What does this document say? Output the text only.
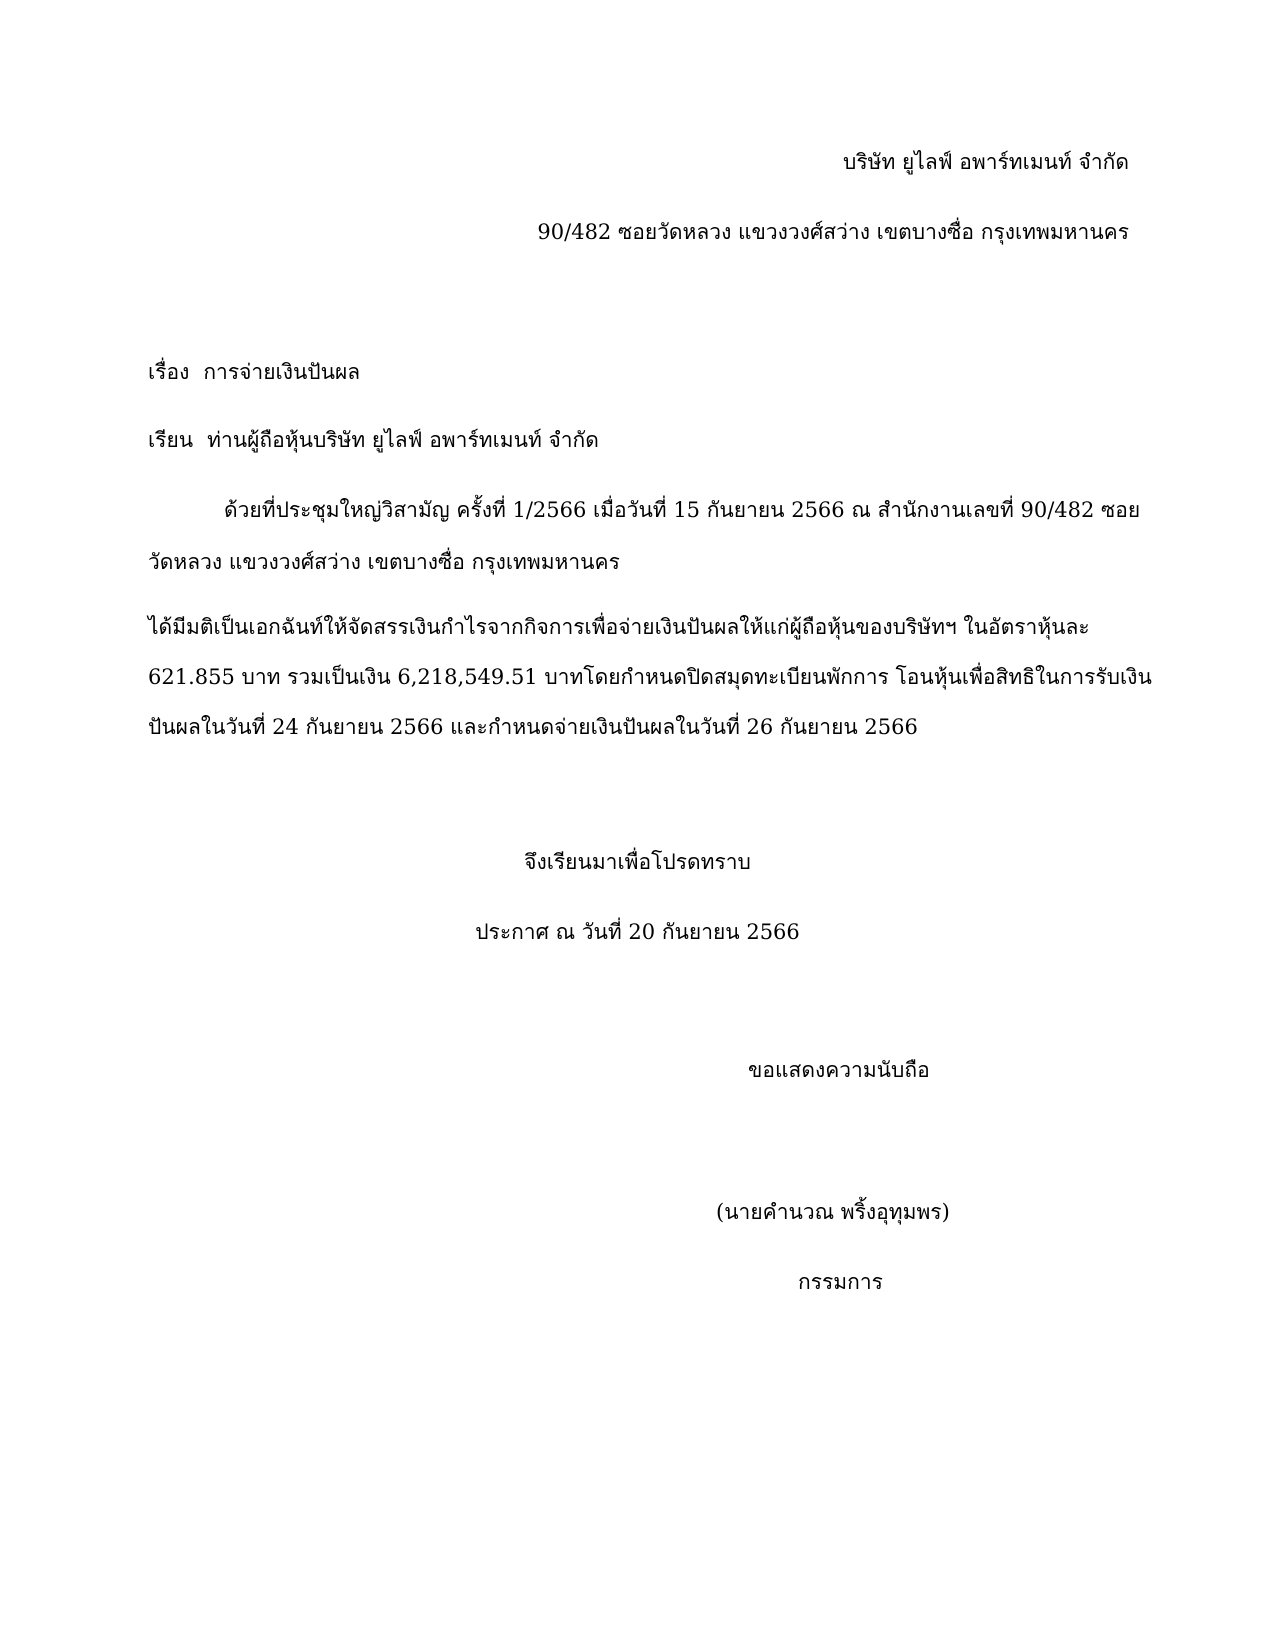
บริษัท ยูไลฟ์ อพาร์ทเมนท์ จำกัด
90/482 ซอยวัดหลวง แขวงวงศ์สว่าง เขตบางซื่อ กรุงเทพมหานคร
เรื่อง การจ่ายเงินปันผล
เรียน ท่านผู้ถือหุ้นบริษัท ยูไลฟ์ อพาร์ทเมนท์ จำกัด
ด้วยที่ประชุมใหญ่วิสามัญ ครั้งที่ 1/2566 เมื่อวันที่ 15 กันยายน 2566 ณ สำนักงานเลขที่ 90/482 ซอย
วัดหลวง แขวงวงศ์สว่าง เขตบางซื่อ กรุงเทพมหานคร
ได้มีมติเป็นเอกฉันท์ให้จัดสรรเงินกำไรจากกิจการเพื่อจ่ายเงินปันผลให้แก่ผู้ถือหุ้นของบริษัทฯ ในอัตราหุ้นละ
621.855 บาท รวมเป็นเงิน 6,218,549.51 บาทโดยกำหนดปิดสมุดทะเบียนพักการ โอนหุ้นเพื่อสิทธิในการรับเงิน
ปันผลในวันที่ 24 กันยายน 2566 และกำหนดจ่ายเงินปันผลในวันที่ 26 กันยายน 2566
จึงเรียนมาเพื่อโปรดทราบ
ประกาศ ณ วันที่ 20 กันยายน 2566
ขอแสดงความนับถือ
(นายคำนวณ พริ้งอุทุมพร)
กรรมการ
